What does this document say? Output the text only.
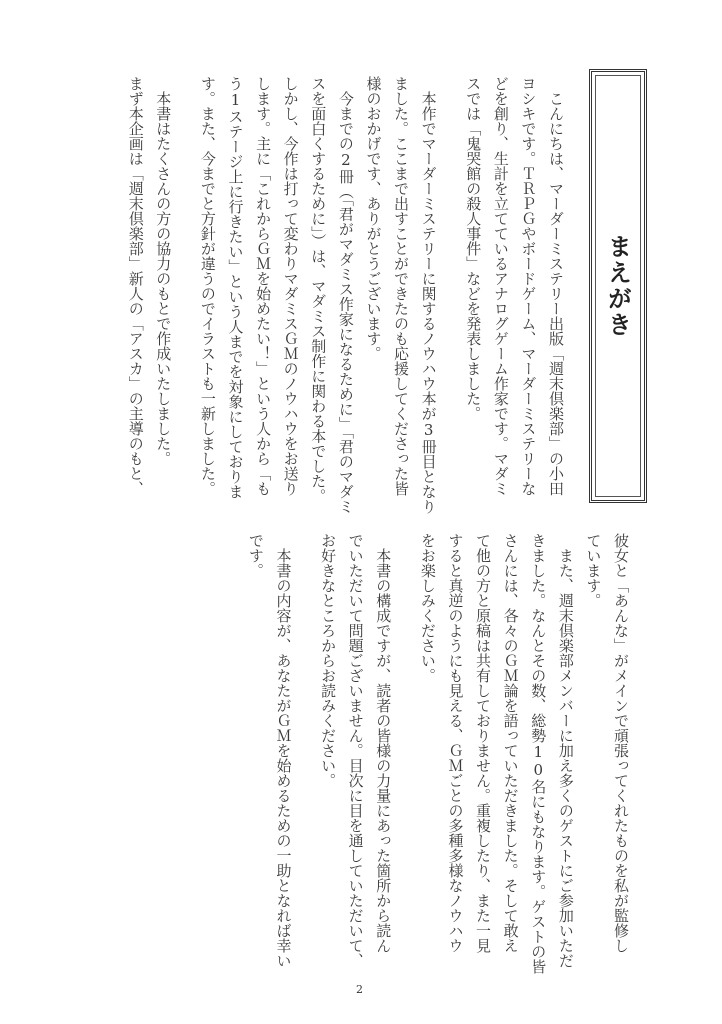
まえがき
　こんにちは、マーダーミステリー出版「週末倶楽部」の小田
ヨシキです。ＴＲＰＧやボードゲーム、マーダーミステリーな
どを創り、生計を立てているアナログゲーム作家です。マダミ
スでは「鬼哭館の殺人事件」などを発表しました。
　本作でマーダーミステリーに関するノウハウ本が3冊目となり
ました。ここまで出すことができたのも応援してくださった皆
様のおかげです、ありがとうございます。
　今までの2冊（「君がマダミス作家になるために」「君のマダミ
スを面白くするために」）は、マダミス制作に関わる本でした。
しかし、今作は打って変わりマダミスＧＭのノウハウをお送り
します。主に「これからＧＭを始めたい！」という人から「も
う1ステージ上に行きたい」という人までを対象にしておりま
す。また、今までと方針が違うのでイラストも一新しました。
　本書はたくさんの方の協力のもとで作成いたしました。
まず本企画は「週末倶楽部」新人の「アスカ」の主導のもと、
彼女と「あんな」がメインで頑張ってくれたものを私が監修し
ています。
　また、週末倶楽部メンバーに加え多くのゲストにご参加いただ
きました。なんとその数、総勢10名にもなります。ゲストの皆
さんには、各々のＧＭ論を語っていただきました。そして敢え
て他の方と原稿は共有しておりません。重複したり、また一見
すると真逆のようにも見える、ＧＭごとの多種多様なノウハウ
をお楽しみください。
　本書の構成ですが、読者の皆様の力量にあった箇所から読ん
でいただいて問題ございません。目次に目を通していただいて、
お好きなところからお読みください。
　本書の内容が、あなたがＧＭを始めるための一助となれば幸い
です。
2
